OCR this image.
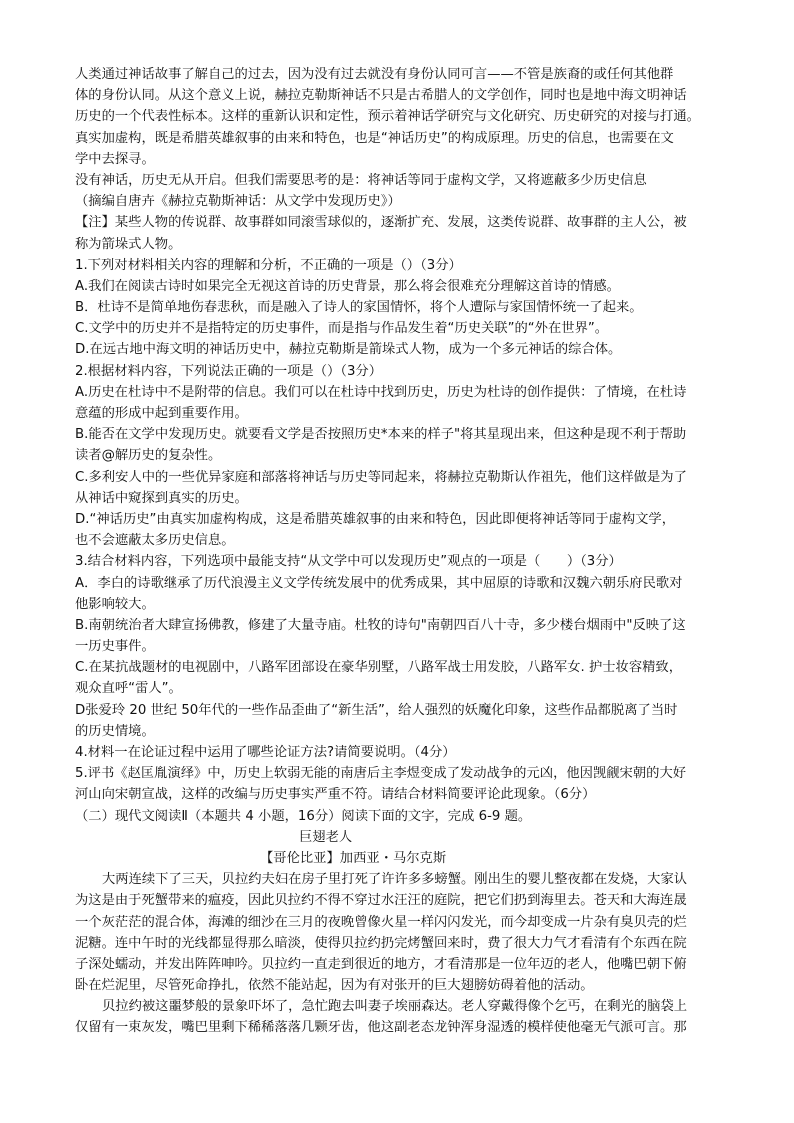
人类通过神话故事了解自己的过去，因为没有过去就没有身份认同可言——不管是族裔的或任何其他群
体的身份认同。从这个意义上说，赫拉克勒斯神话不只是古希腊人的文学创作，同时也是地中海文明神话
历史的一个代表性标本。这样的重新认识和定性，预示着神话学研究与文化研究、历史研究的对接与打通。
真实加虚构，既是希腊英雄叙事的由来和特色，也是“神话历史”的构成原理。历史的信息，也需要在文
学中去探寻。
没有神话，历史无从开启。但我们需要思考的是：将神话等同于虚构文学，又将遮蔽多少历史信息
（摘编自唐卉《赫拉克勒斯神话：从文学中发现历史》）
【注】某些人物的传说群、故事群如同滚雪球似的，逐渐扩充、发展，这类传说群、故事群的主人公，被
称为箭垛式人物。
1.下列对材料相关内容的理解和分析，不正确的一项是（）（3分）
A.我们在阅读古诗时如果完全无视这首诗的历史背景，那么将会很难充分理解这首诗的情感。
B．杜诗不是简单地伤春悲秋，而是融入了诗人的家国情怀，将个人遭际与家国情怀统一了起来。
C.文学中的历史并不是指特定的历史事件，而是指与作品发生着“历史关联”的“外在世界”。
D.在远古地中海文明的神话历史中，赫拉克勒斯是箭垛式人物，成为一个多元神话的综合体。
2.根据材料内容，下列说法正确的一项是（）（3分）
A.历史在杜诗中不是附带的信息。我们可以在杜诗中找到历史，历史为杜诗的创作提供：了情境，在杜诗
意蕴的形成中起到重要作用。
B.能否在文学中发现历史。就要看文学是否按照历史*本来的样子"将其星现出来，但这种是现不利于帮助
读者@解历史的复杂性。
C.多利安人中的一些优异家庭和部落将神话与历史等同起来，将赫拉克勒斯认作祖先，他们这样做是为了
从神话中窥探到真实的历史。
D.“神话历史”由真实加虚构构成，这是希腊英雄叙事的由来和特色，因此即便将神话等同于虚构文学，
也不会遮蔽太多历史信息。
3.结合材料内容，下列选项中最能支持“从文学中可以发现历史”观点的一项是（　　）（3分）
A．李白的诗歌继承了历代浪漫主义文学传统发展中的优秀成果，其中屈原的诗歌和汉魏六朝乐府民歌对
他影响较大。
B.南朝统治者大肆宣扬佛教，修建了大量寺庙。杜牧的诗句"南朝四百八十寺，多少楼台烟雨中"反映了这
一历史事件。
C.在某抗战题材的电视剧中，八路军团部设在豪华别墅，八路军战士用发胶，八路军女. 护士妆容精致，
观众直呼“雷人”。
D张爱玲 20 世纪 50年代的一些作品歪曲了“新生活”，给人强烈的妖魔化印象，这些作品都脱离了当时
的历史情境。
4.材料一在论证过程中运用了哪些论证方法?请简要说明。（4分）
5.评书《赵匡胤演绎》中，历史上软弱无能的南唐后主李煜变成了发动战争的元凶，他因觊觎宋朝的大好
河山向宋朝宣战，这样的改编与历史事实严重不符。请结合材料简要评论此现象。（6分）
（二）现代文阅读Ⅱ（本题共 4 小题，16分）阅读下面的文字，完成 6-9 题。
巨翅老人
【哥伦比亚】加西亚・马尔克斯
大两连续下了三天，贝拉约夫妇在房子里打死了许许多多螃蟹。刚出生的婴儿整夜都在发烧，大家认
为这是由于死蟹带来的瘟疫，因此贝拉约不得不穿过水汪汪的庭院，把它们扔到海里去。苍天和大海连晟
一个灰茫茫的混合体，海滩的细沙在三月的夜晚曾像火星一样闪闪发光，而今却变成一片杂有臭贝壳的烂
泥糖。连中午时的光线都显得那么暗淡，使得贝拉约扔完烤蟹回来时，费了很大力气才看清有个东西在院
子深处蠕动，并发出阵阵呻吟。贝拉约一直走到很近的地方，才看清那是一位年迈的老人，他嘴巴朝下俯
卧在烂泥里，尽管死命挣扎，依然不能站起，因为有对张开的巨大翅膀妨碍着他的活动。
贝拉约被这噩梦般的景象吓坏了，急忙跑去叫妻子埃丽森达。老人穿戴得像个乞丐，在剩光的脑袋上
仅留有一束灰发，嘴巴里剩下稀稀落落几颗牙齿，他这副老态龙钟浑身湿透的模样使他毫无气派可言。那
